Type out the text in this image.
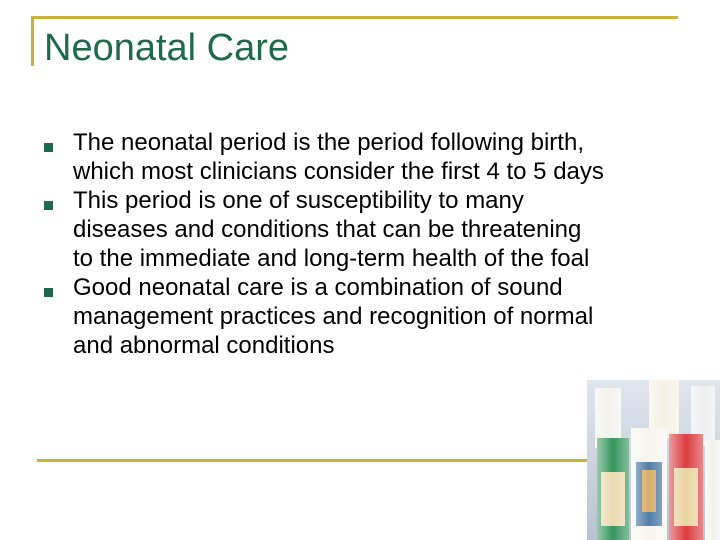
Neonatal Care
The neonatal period is the period following birth, which most clinicians consider the first 4 to 5 days
This period is one of susceptibility to many diseases and conditions that can be threatening to the immediate and long-term health of the foal
Good neonatal care is a combination of sound management practices and recognition of normal and abnormal conditions
